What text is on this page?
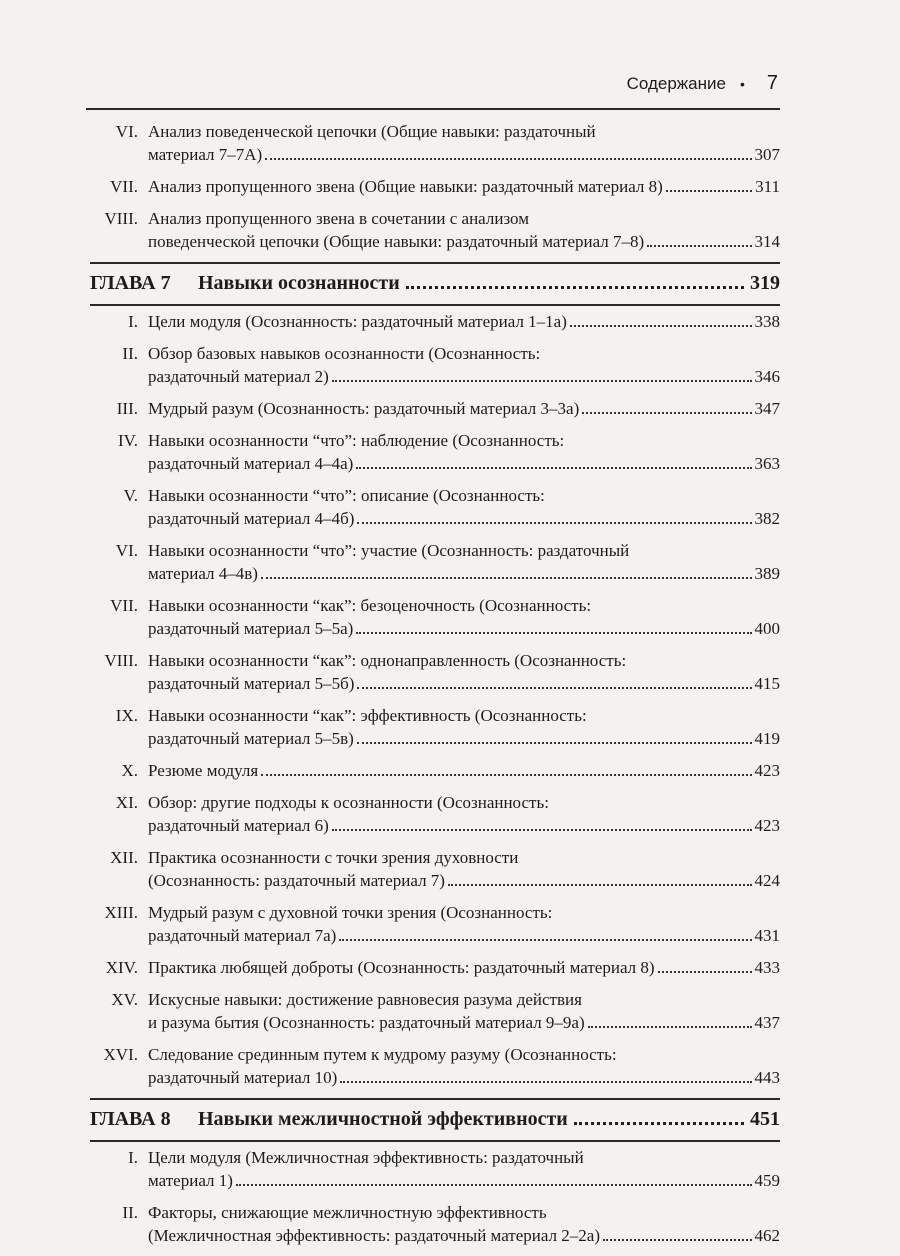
Содержание • 7
VI. Анализ поведенческой цепочки (Общие навыки: раздаточный
материал 7–7А)	307
VII. Анализ пропущенного звена (Общие навыки: раздаточный материал 8)	311
VIII. Анализ пропущенного звена в сочетании с анализом
поведенческой цепочки (Общие навыки: раздаточный материал 7–8)	314
ГЛАВА 7	Навыки осознанности	319
I. Цели модуля (Осознанность: раздаточный материал 1–1а)	338
II. Обзор базовых навыков осознанности (Осознанность:
раздаточный материал 2)	346
III. Мудрый разум (Осознанность: раздаточный материал 3–3а)	347
IV. Навыки осознанности “что”: наблюдение (Осознанность:
раздаточный материал 4–4а)	363
V. Навыки осознанности “что”: описание (Осознанность:
раздаточный материал 4–4б)	382
VI. Навыки осознанности “что”: участие (Осознанность: раздаточный
материал 4–4в)	389
VII. Навыки осознанности “как”: безоценочность (Осознанность:
раздаточный материал 5–5а)	400
VIII. Навыки осознанности “как”: однонаправленность (Осознанность:
раздаточный материал 5–5б)	415
IX. Навыки осознанности “как”: эффективность (Осознанность:
раздаточный материал 5–5в)	419
X. Резюме модуля	423
XI. Обзор: другие подходы к осознанности (Осознанность:
раздаточный материал 6)	423
XII. Практика осознанности с точки зрения духовности
(Осознанность: раздаточный материал 7)	424
XIII. Мудрый разум с духовной точки зрения (Осознанность:
раздаточный материал 7а)	431
XIV. Практика любящей доброты (Осознанность: раздаточный материал 8)	433
XV. Искусные навыки: достижение равновесия разума действия
и разума бытия (Осознанность: раздаточный материал 9–9а)	437
XVI. Следование срединным путем к мудрому разуму (Осознанность:
раздаточный материал 10)	443
ГЛАВА 8	Навыки межличностной эффективности	451
I. Цели модуля (Межличностная эффективность: раздаточный
материал 1)	459
II. Факторы, снижающие межличностную эффективность
(Межличностная эффективность: раздаточный материал 2–2а)	462
